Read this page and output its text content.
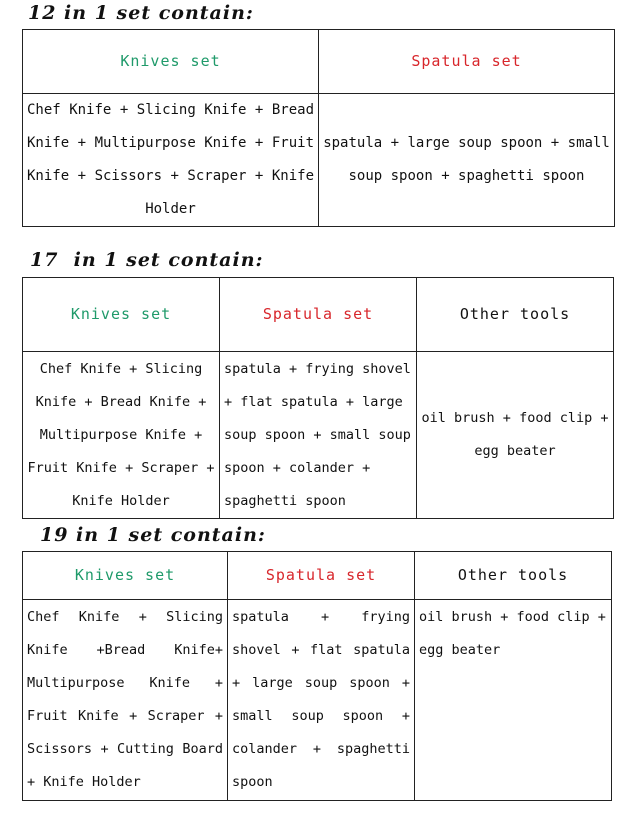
12 in 1 set contain:
Knives set	Spatula set
Chef Knife + Slicing Knife + Bread Knife + Multipurpose Knife + Fruit Knife + Scissors + Scraper + Knife Holder	spatula + large soup spoon + small soup spoon + spaghetti spoon
17  in 1 set contain:
Knives set	Spatula set	Other tools
Chef Knife + Slicing Knife + Bread Knife + Multipurpose Knife + Fruit Knife + Scraper + Knife Holder	spatula + frying shovel + flat spatula + large soup spoon + small soup spoon + colander + spaghetti spoon	oil brush + food clip + egg beater
19 in 1 set contain:
Knives set	Spatula set	Other tools
Chef Knife + Slicing Knife +Bread Knife+ Multipurpose Knife + Fruit Knife + Scraper + Scissors + Cutting Board + Knife Holder	spatula + frying shovel + flat spatula + large soup spoon + small soup spoon + colander + spaghetti spoon	oil brush + food clip + egg beater
